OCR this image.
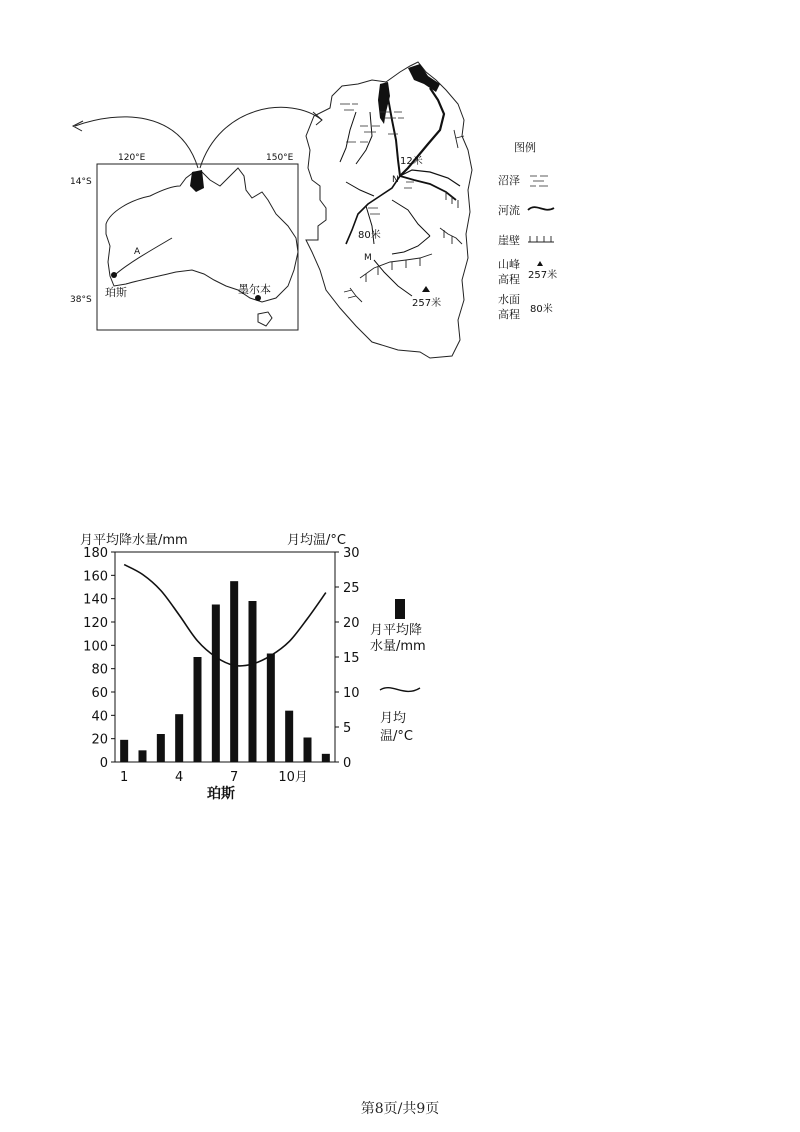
120°E	150°E
14°S
38°S
A
珀斯	墨尔本
12米
N
80米
M
257米
图例
沼泽
河流
崖壁
山峰
高程 257米
水面
高程 80米
月平均降水量/mm	月均温/°C
0
20
40
60
80
100
120
140
160
180
0
5
10
15
20
25
30
1	4	7	10月
珀斯
月平均降
水量/mm
月均
温/°C
第8页/共9页
